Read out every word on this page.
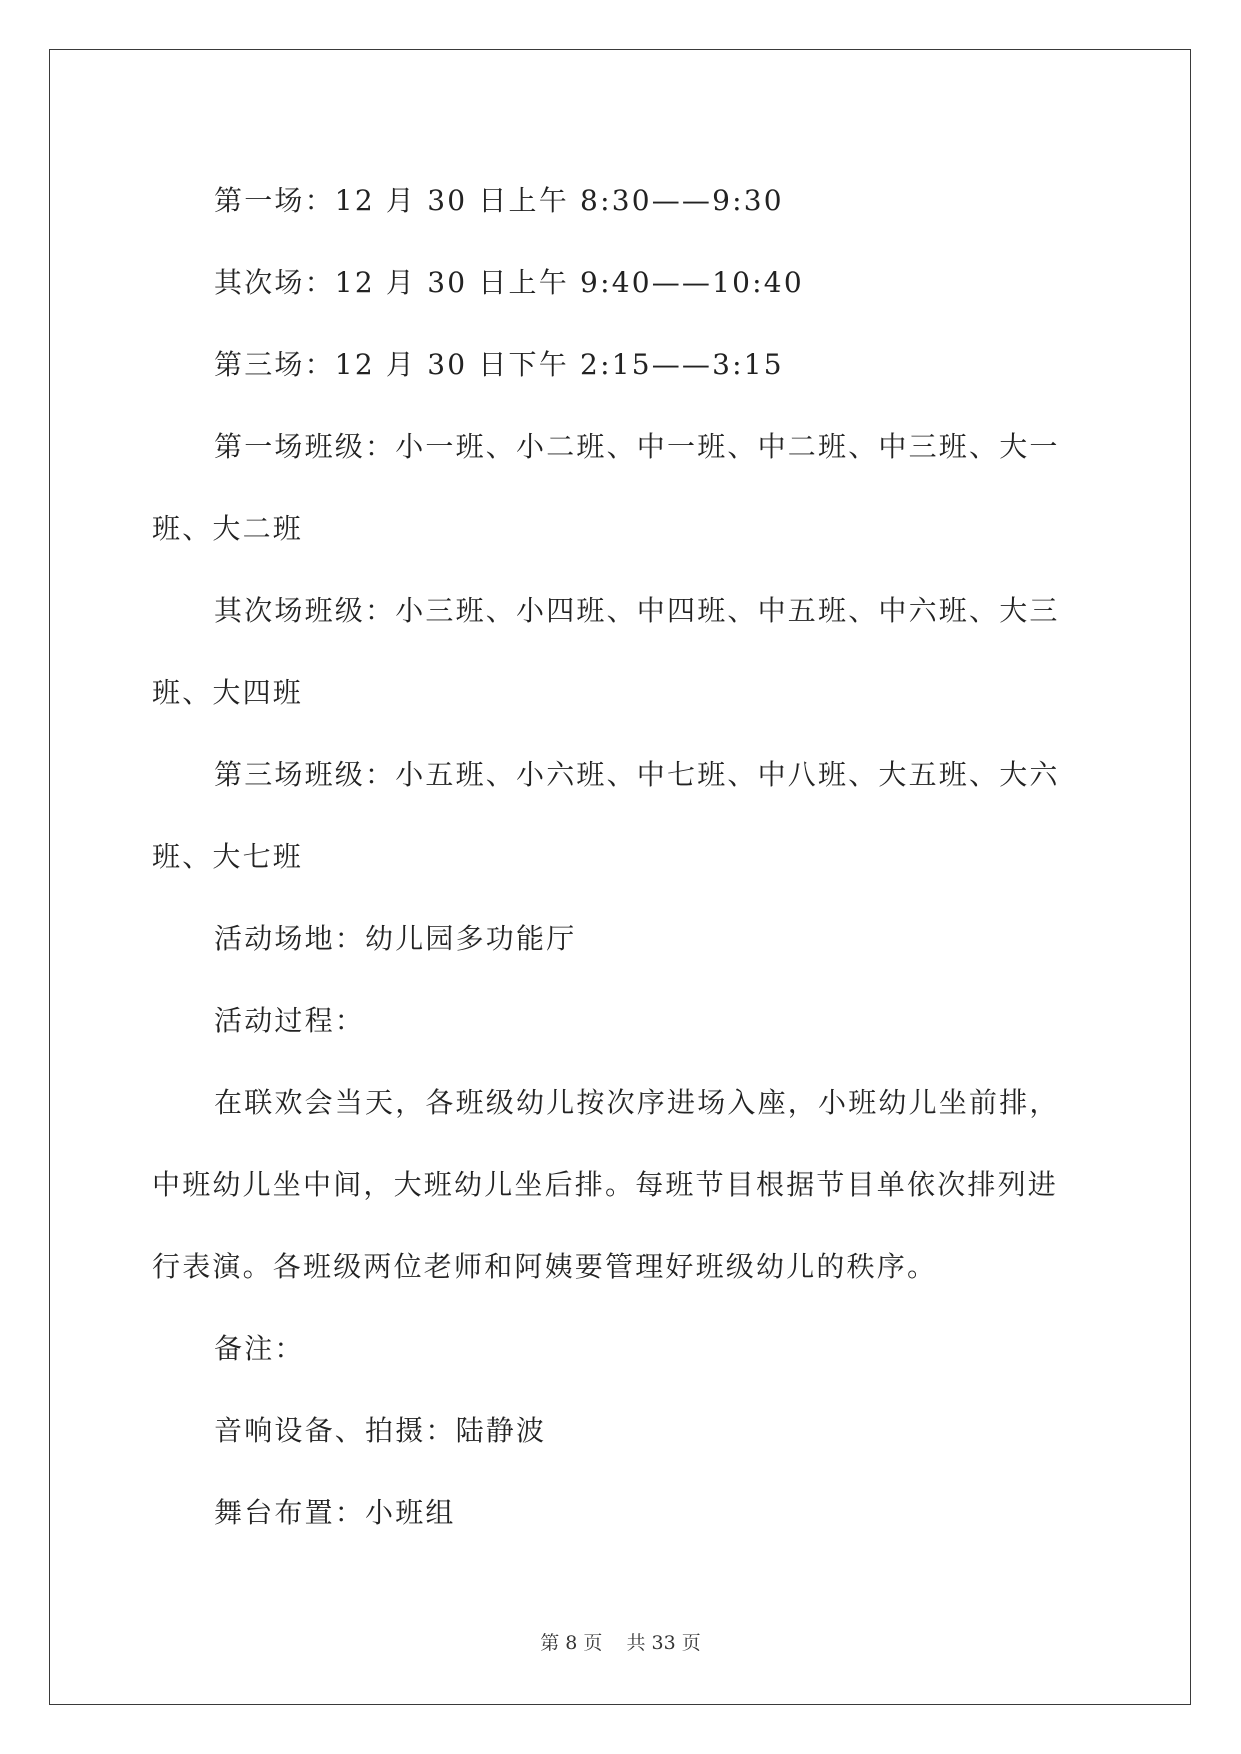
第一场：12 月 30 日上午 8:30——9:30

其次场：12 月 30 日上午 9:40——10:40

第三场：12 月 30 日下午 2:15——3:15

第一场班级：小一班、小二班、中一班、中二班、中三班、大一班、大二班

其次场班级：小三班、小四班、中四班、中五班、中六班、大三班、大四班

第三场班级：小五班、小六班、中七班、中八班、大五班、大六班、大七班

活动场地：幼儿园多功能厅

活动过程：

在联欢会当天，各班级幼儿按次序进场入座，小班幼儿坐前排，中班幼儿坐中间，大班幼儿坐后排。每班节目根据节目单依次排列进行表演。各班级两位老师和阿姨要管理好班级幼儿的秩序。

备注：

音响设备、拍摄：陆静波

舞台布置：小班组

第 8 页 共 33 页
